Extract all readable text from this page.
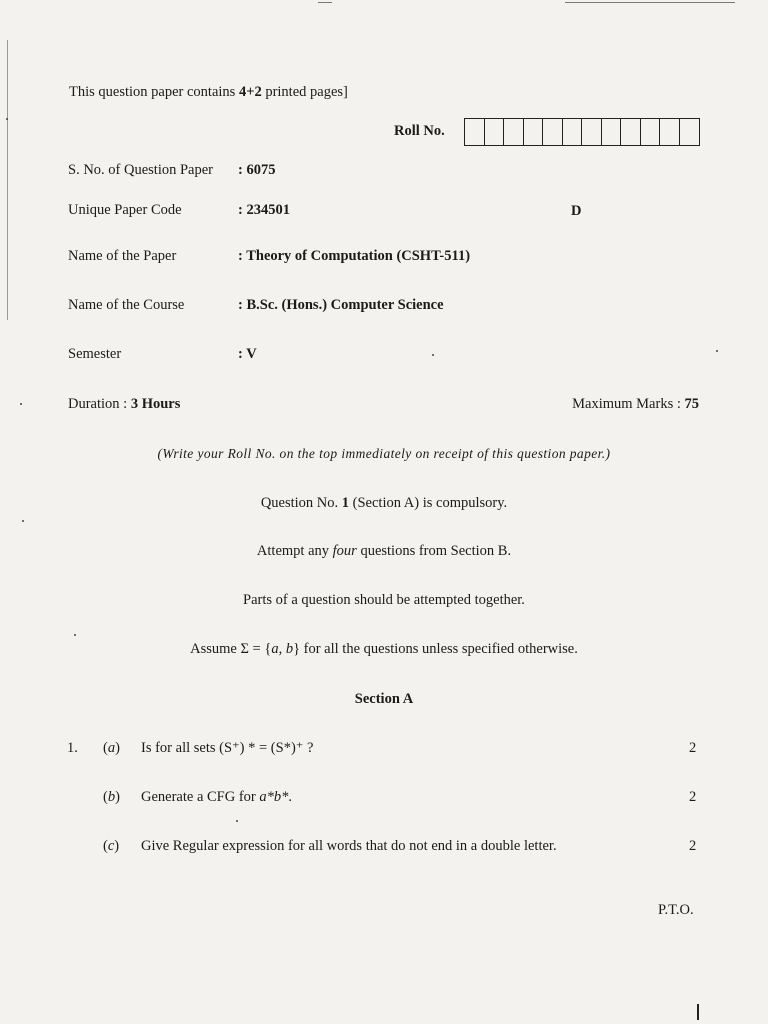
This question paper contains 4+2 printed pages]
Roll No.
S. No. of Question Paper : 6075
Unique Paper Code	: 234501	D
Name of the Paper	: Theory of Computation (CSHT-511)
Name of the Course	: B.Sc. (Hons.) Computer Science
Semester	: V
Duration : 3 Hours	Maximum Marks : 75
(Write your Roll No. on the top immediately on receipt of this question paper.)
Question No. 1 (Section A) is compulsory.
Attempt any four questions from Section B.
Parts of a question should be attempted together.
Assume Σ = {a, b} for all the questions unless specified otherwise.
Section A
1. (a) Is for all sets (S⁺) * = (S*)⁺ ?	2
(b) Generate a CFG for a*b*.	2
(c) Give Regular expression for all words that do not end in a double letter.	2
P.T.O.
